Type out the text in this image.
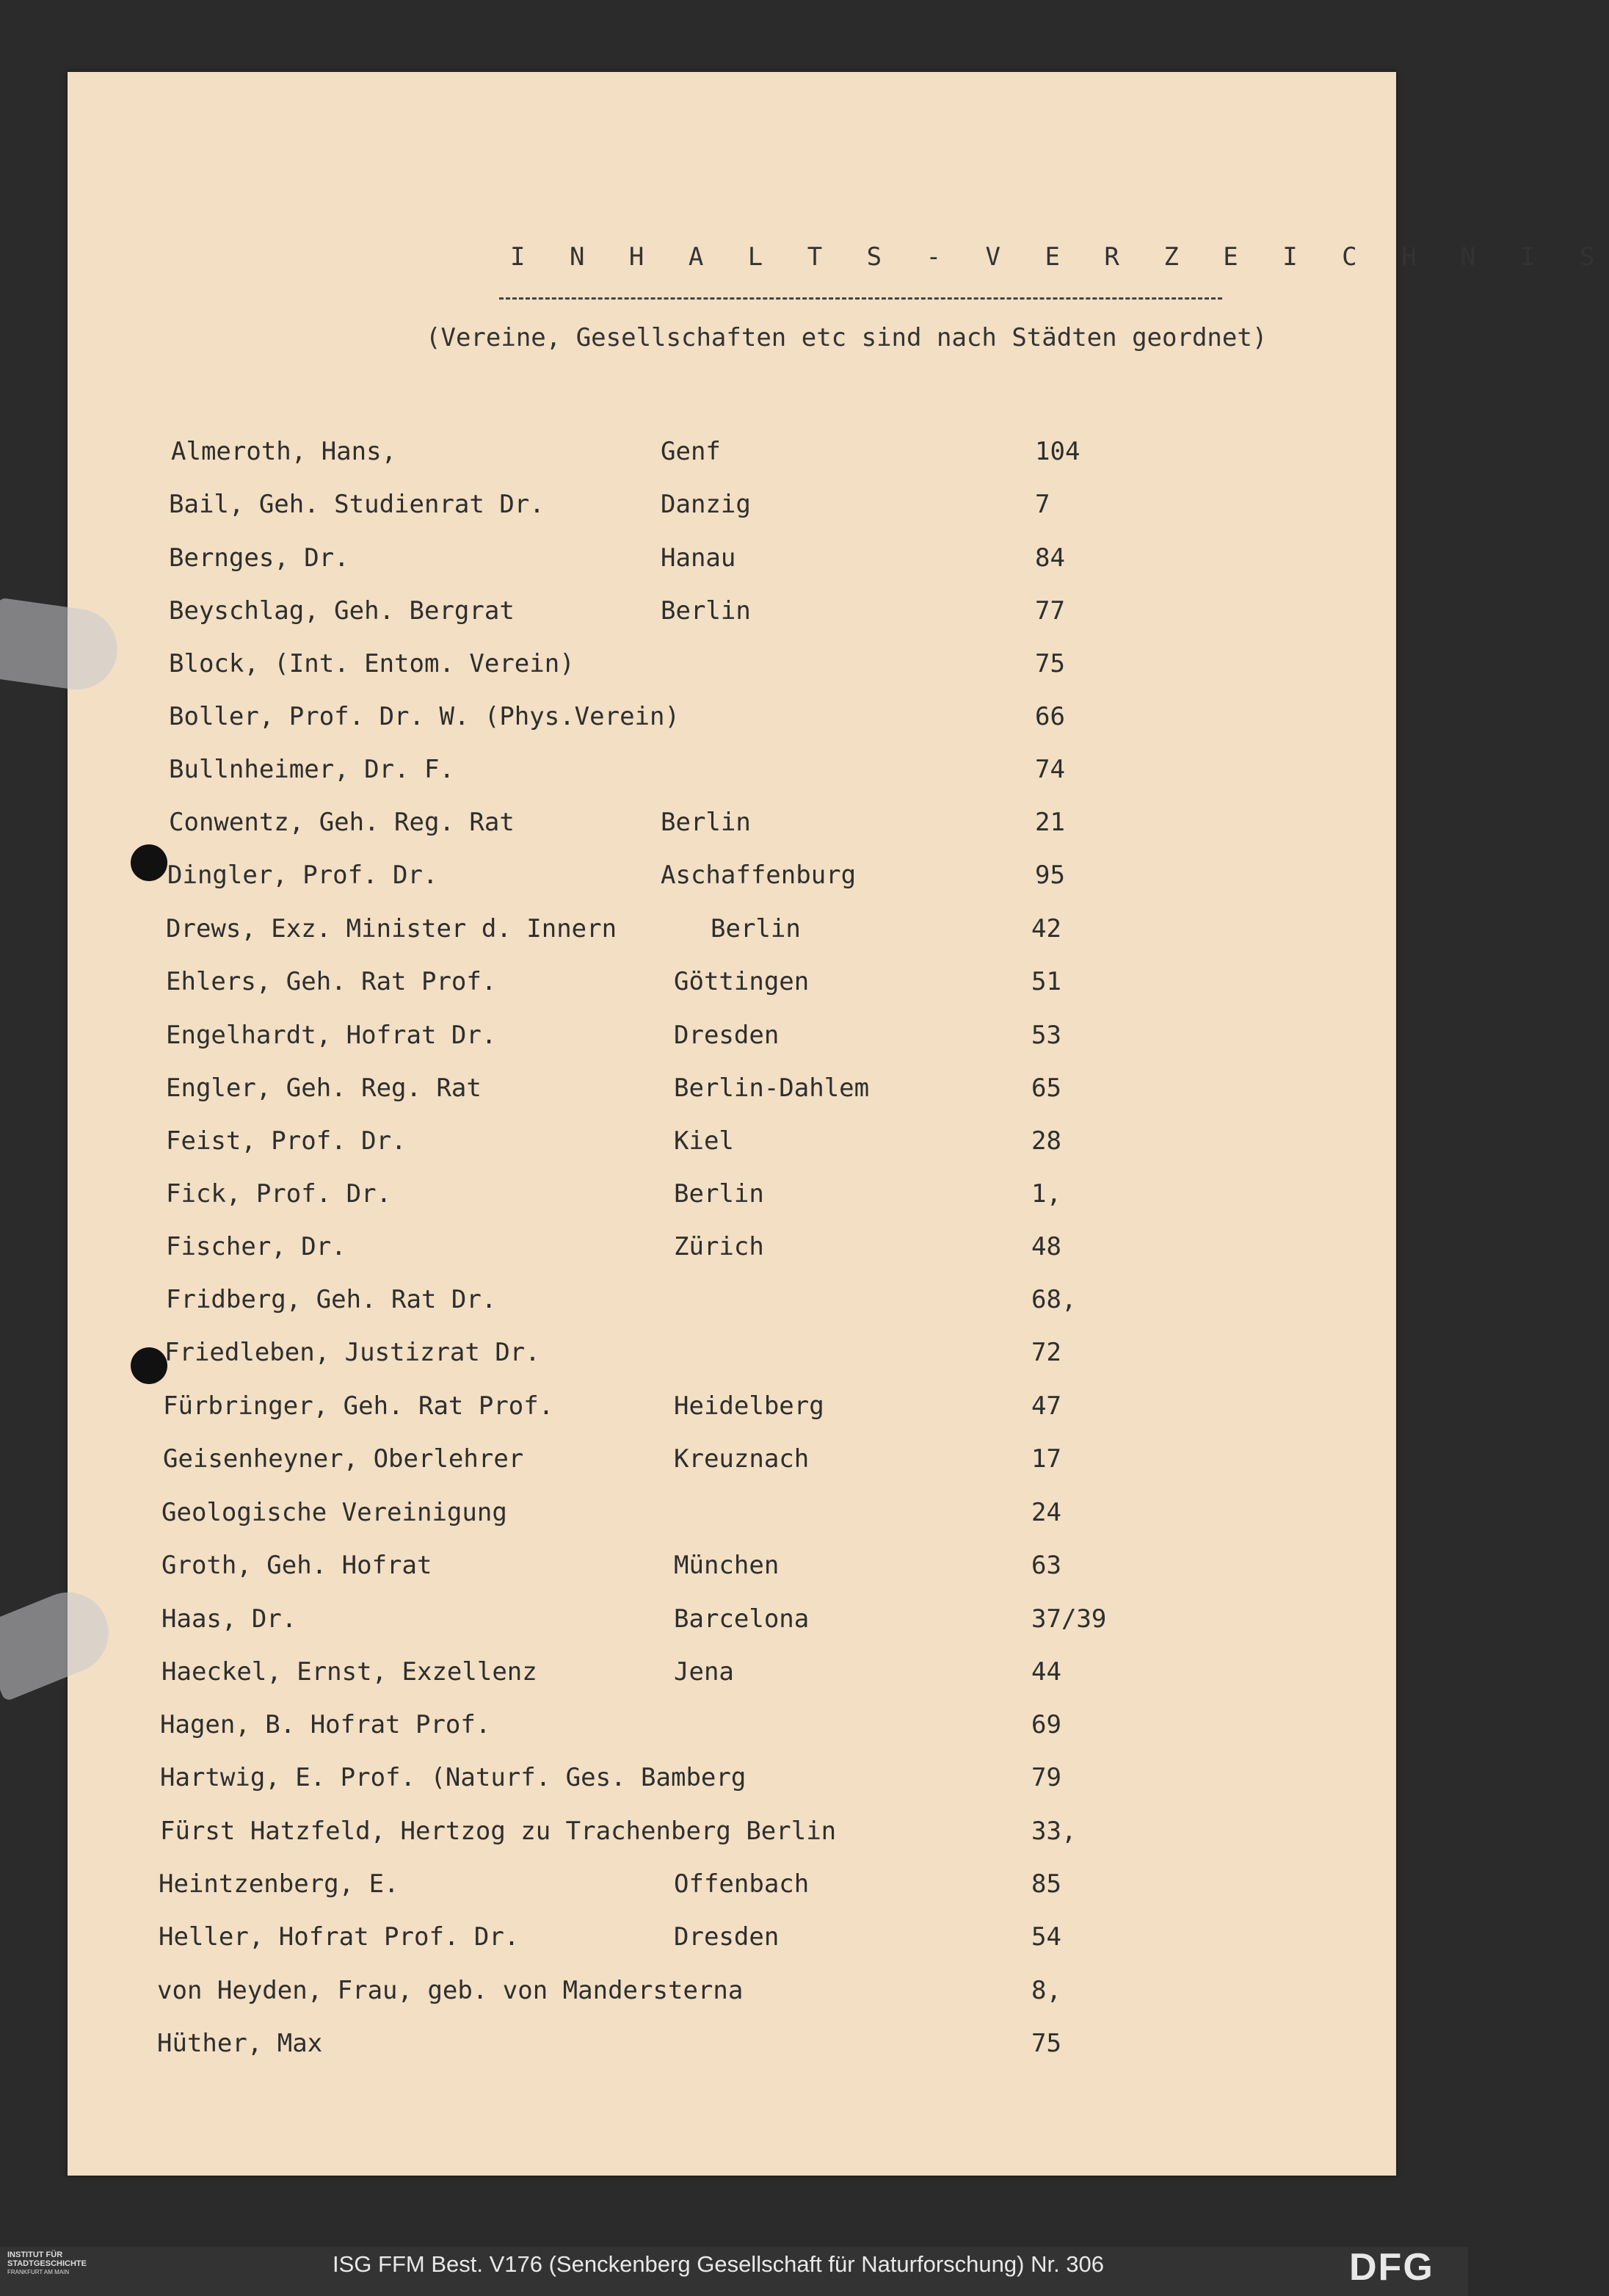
I N H A L T S - V E R Z E I C H N I S
(Vereine, Gesellschaften etc sind nach Städten geordnet)
Almeroth, Hans,	Genf	104
Bail, Geh. Studienrat Dr.	Danzig	7
Bernges, Dr.	Hanau	84
Beyschlag, Geh. Bergrat	Berlin	77
Block, (Int. Entom. Verein)	75
Boller, Prof. Dr. W. (Phys.Verein)	66
Bullnheimer, Dr. F.	74
Conwentz, Geh. Reg. Rat	Berlin	21
Dingler, Prof. Dr.	Aschaffenburg	95
Drews, Exz. Minister d. Innern	Berlin	42
Ehlers, Geh. Rat Prof.	Göttingen	51
Engelhardt, Hofrat Dr.	Dresden	53
Engler, Geh. Reg. Rat	Berlin-Dahlem	65
Feist, Prof. Dr.	Kiel	28
Fick, Prof. Dr.	Berlin	1,
Fischer, Dr.	Zürich	48
Fridberg, Geh. Rat Dr.	68,
Friedleben, Justizrat Dr.	72
Fürbringer, Geh. Rat Prof.	Heidelberg	47
Geisenheyner, Oberlehrer	Kreuznach	17
Geologische Vereinigung	24
Groth, Geh. Hofrat	München	63
Haas, Dr.	Barcelona	37/39
Haeckel, Ernst, Exzellenz	Jena	44
Hagen, B. Hofrat Prof.	69
Hartwig, E. Prof. (Naturf. Ges. Bamberg	79
Fürst Hatzfeld, Hertzog zu Trachenberg Berlin	33,
Heintzenberg, E.	Offenbach	85
Heller, Hofrat Prof. Dr.	Dresden	54
von Heyden, Frau, geb. von Mandersterna	8,
Hüther, Max	75
INSTITUT FÜR
STADTGESCHICHTE
FRANKFURT AM MAIN	ISG FFM Best. V176 (Senckenberg Gesellschaft für Naturforschung) Nr. 306	DFG
